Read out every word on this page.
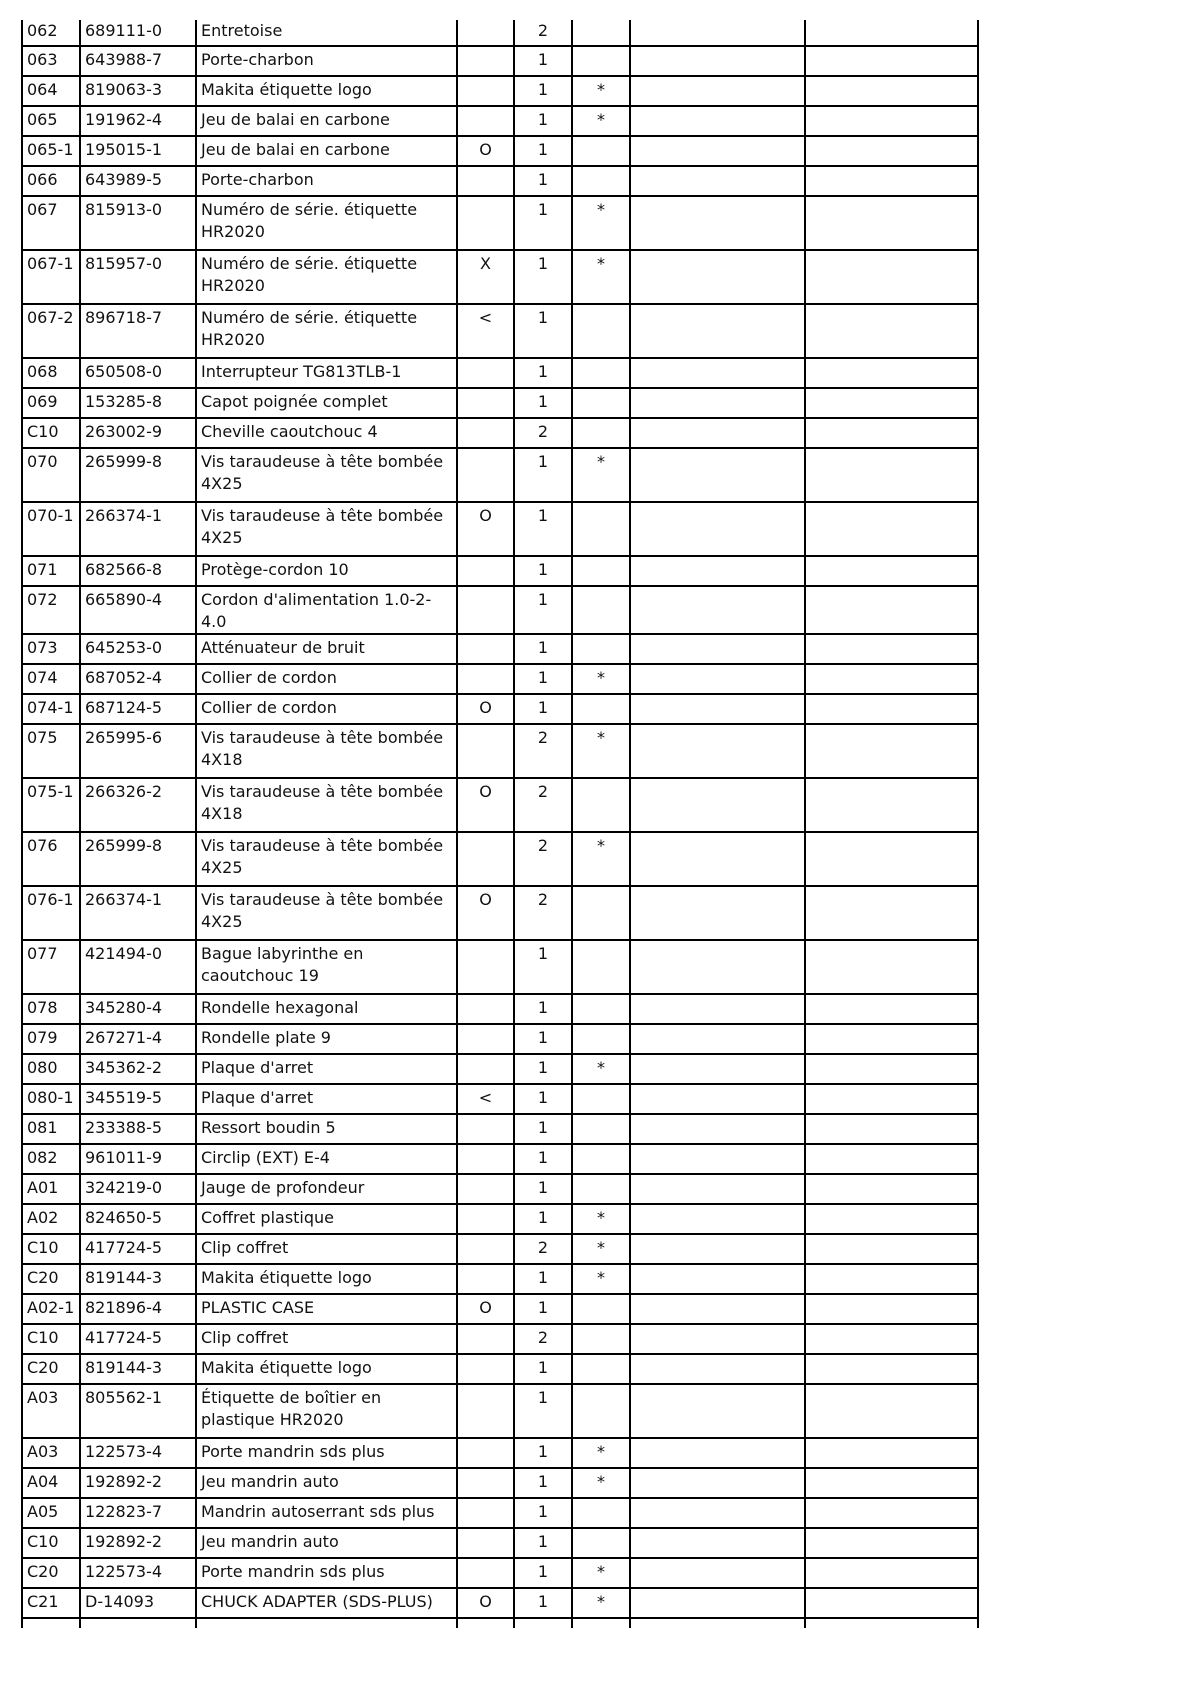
062	689111-0	Entretoise		2			

063	643988-7	Porte-charbon		1			

064	819063-3	Makita étiquette logo		1	*		

065	191962-4	Jeu de balai en carbone		1	*		

065-1	195015-1	Jeu de balai en carbone	O	1			

066	643989-5	Porte-charbon		1			

067	815913-0	Numéro de série. étiquette HR2020		1	*		

067-1	815957-0	Numéro de série. étiquette HR2020	X	1	*		

067-2	896718-7	Numéro de série. étiquette HR2020	<	1			

068	650508-0	Interrupteur TG813TLB-1		1			

069	153285-8	Capot poignée complet		1			

C10	263002-9	Cheville caoutchouc 4		2			

070	265999-8	Vis taraudeuse à tête bombée 4X25		1	*		

070-1	266374-1	Vis taraudeuse à tête bombée 4X25	O	1			

071	682566-8	Protège-cordon 10		1			

072	665890-4	Cordon d'alimentation 1.0-2-4.0		1			

073	645253-0	Atténuateur de bruit		1			

074	687052-4	Collier de cordon		1	*		

074-1	687124-5	Collier de cordon	O	1			

075	265995-6	Vis taraudeuse à tête bombée 4X18		2	*		

075-1	266326-2	Vis taraudeuse à tête bombée 4X18	O	2			

076	265999-8	Vis taraudeuse à tête bombée 4X25		2	*		

076-1	266374-1	Vis taraudeuse à tête bombée 4X25	O	2			

077	421494-0	Bague labyrinthe en caoutchouc 19		1			

078	345280-4	Rondelle hexagonal		1			

079	267271-4	Rondelle plate 9		1			

080	345362-2	Plaque d'arret		1	*		

080-1	345519-5	Plaque d'arret	<	1			

081	233388-5	Ressort boudin 5		1			

082	961011-9	Circlip (EXT) E-4		1			

A01	324219-0	Jauge de profondeur		1			

A02	824650-5	Coffret plastique		1	*		

C10	417724-5	Clip coffret		2	*		

C20	819144-3	Makita étiquette logo		1	*		

A02-1	821896-4	PLASTIC CASE	O	1			

C10	417724-5	Clip coffret		2			

C20	819144-3	Makita étiquette logo		1			

A03	805562-1	Étiquette de boîtier en plastique HR2020		1			

A03	122573-4	Porte mandrin sds plus		1	*		

A04	192892-2	Jeu mandrin auto		1	*		

A05	122823-7	Mandrin autoserrant sds plus		1			

C10	192892-2	Jeu mandrin auto		1			

C20	122573-4	Porte mandrin sds plus		1	*		

C21	D-14093	CHUCK ADAPTER (SDS-PLUS)	O	1	*		
